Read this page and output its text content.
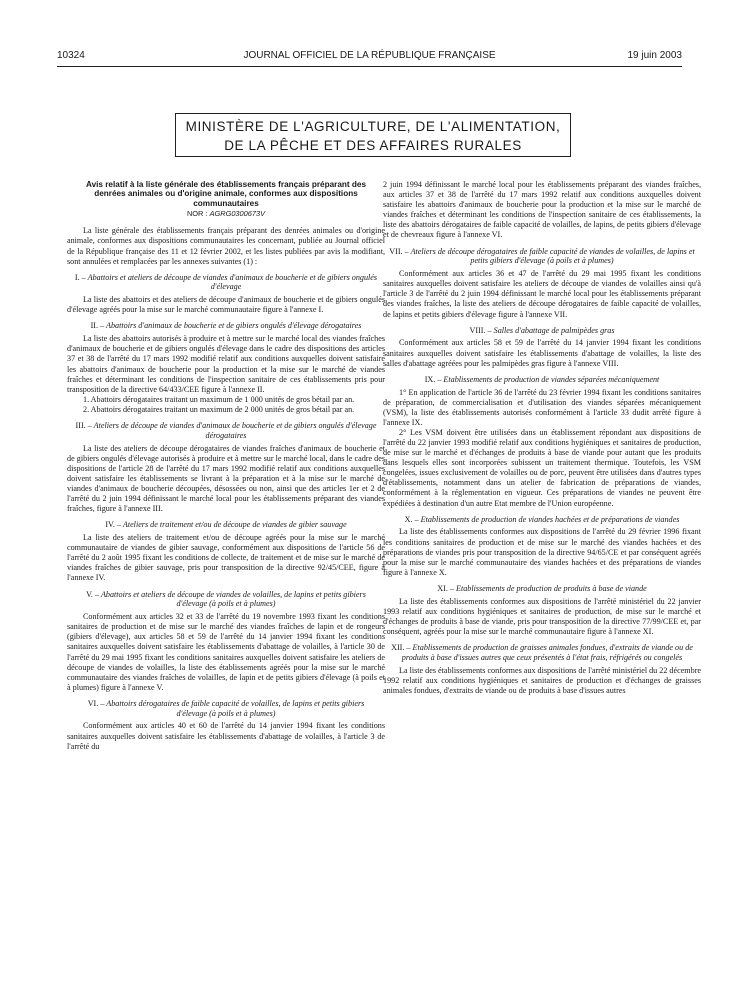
10324	JOURNAL OFFICIEL DE LA RÉPUBLIQUE FRANÇAISE	19 juin 2003
MINISTÈRE DE L'AGRICULTURE, DE L'ALIMENTATION,
DE LA PÊCHE ET DES AFFAIRES RURALES
Avis relatif à la liste générale des établissements français préparant des denrées animales ou d'origine animale, conformes aux dispositions communautaires
NOR : AGRG0300673V

La liste générale des établissements français préparant des denrées animales ou d'origine animale, conformes aux dispositions communautaires les concernant, publiée au Journal officiel de la République française des 11 et 12 février 2002, et les listes publiées par avis la modifiant, sont annulées et remplacées par les annexes suivantes (1) :

I. – Abattoirs et ateliers de découpe de viandes d'animaux de boucherie et de gibiers ongulés d'élevage

La liste des abattoirs et des ateliers de découpe d'animaux de boucherie et de gibiers ongulés d'élevage agréés pour la mise sur le marché communautaire figure à l'annexe I.

II. – Abattoirs d'animaux de boucherie et de gibiers ongulés d'élevage dérogataires

La liste des abattoirs autorisés à produire et à mettre sur le marché local des viandes fraîches d'animaux de boucherie et de gibiers ongulés d'élevage dans le cadre des dispositions des articles 37 et 38 de l'arrêté du 17 mars 1992 modifié relatif aux conditions auxquelles doivent satisfaire les abattoirs d'animaux de boucherie pour la production et la mise sur le marché de viandes fraîches et déterminant les conditions de l'inspection sanitaire de ces établissements pris pour transposition de la directive 64/433/CEE figure à l'annexe II.

1. Abattoirs dérogataires traitant un maximum de 1 000 unités de gros bétail par an.

2. Abattoirs dérogataires traitant un maximum de 2 000 unités de gros bétail par an.

III. – Ateliers de découpe de viandes d'animaux de boucherie et de gibiers ongulés d'élevage dérogataires

La liste des ateliers de découpe dérogataires de viandes fraîches d'animaux de boucherie et de gibiers ongulés d'élevage autorisés à produire et à mettre sur le marché local, dans le cadre des dispositions de l'article 28 de l'arrêté du 17 mars 1992 modifié relatif aux conditions auxquelles doivent satisfaire les établissements se livrant à la préparation et à la mise sur le marché de viandes d'animaux de boucherie découpées, désossées ou non, ainsi que des articles 1er et 2 de l'arrêté du 2 juin 1994 définissant le marché local pour les établissements préparant des viandes fraîches, figure à l'annexe III.

IV. – Ateliers de traitement et/ou de découpe de viandes de gibier sauvage

La liste des ateliers de traitement et/ou de découpe agréés pour la mise sur le marché communautaire de viandes de gibier sauvage, conformément aux dispositions de l'article 56 de l'arrêté du 2 août 1995 fixant les conditions de collecte, de traitement et de mise sur le marché de viandes fraîches de gibier sauvage, pris pour transposition de la directive 92/45/CEE, figure à l'annexe IV.

V. – Abattoirs et ateliers de découpe de viandes de volailles, de lapins et petits gibiers d'élevage (à poils et à plumes)

Conformément aux articles 32 et 33 de l'arrêté du 19 novembre 1993 fixant les conditions sanitaires de production et de mise sur le marché des viandes fraîches de lapin et de rongeurs (gibiers d'élevage), aux articles 58 et 59 de l'arrêté du 14 janvier 1994 fixant les conditions sanitaires auxquelles doivent satisfaire les établissements d'abattage de volailles, à l'article 30 de l'arrêté du 29 mai 1995 fixant les conditions sanitaires auxquelles doivent satisfaire les ateliers de découpe de viandes de volailles, la liste des établissements agréés pour la mise sur le marché communautaire des viandes fraîches de volailles, de lapin et de petits gibiers d'élevage (à poils et à plumes) figure à l'annexe V.

VI. – Abattoirs dérogataires de faible capacité de volailles, de lapins et petits gibiers d'élevage (à poils et à plumes)

Conformément aux articles 40 et 60 de l'arrêté du 14 janvier 1994 fixant les conditions sanitaires auxquelles doivent satisfaire les établissements d'abattage de volailles, à l'article 3 de l'arrêté du

2 juin 1994 définissant le marché local pour les établissements préparant des viandes fraîches, aux articles 37 et 38 de l'arrêté du 17 mars 1992 relatif aux conditions auxquelles doivent satisfaire les abattoirs d'animaux de boucherie pour la production et la mise sur le marché de viandes fraîches et déterminant les conditions de l'inspection sanitaire de ces établissements, la liste des abattoirs dérogataires de faible capacité de volailles, de lapins, de petits gibiers d'élevage et de chevreaux figure à l'annexe VI.

VII. – Ateliers de découpe dérogataires de faible capacité de viandes de volailles, de lapins et petits gibiers d'élevage (à poils et à plumes)

Conformément aux articles 36 et 47 de l'arrêté du 29 mai 1995 fixant les conditions sanitaires auxquelles doivent satisfaire les ateliers de découpe de viandes de volailles ainsi qu'à l'article 3 de l'arrêté du 2 juin 1994 définissant le marché local pour les établissements préparant des viandes fraîches, la liste des ateliers de découpe dérogataires de faible capacité de volailles, de lapins et petits gibiers d'élevage figure à l'annexe VII.

VIII. – Salles d'abattage de palmipèdes gras

Conformément aux articles 58 et 59 de l'arrêté du 14 janvier 1994 fixant les conditions sanitaires auxquelles doivent satisfaire les établissements d'abattage de volailles, la liste des salles d'abattage agréées pour les palmipèdes gras figure à l'annexe VIII.

IX. – Etablissements de production de viandes séparées mécaniquement

1° En application de l'article 36 de l'arrêté du 23 février 1994 fixant les conditions sanitaires de préparation, de commercialisation et d'utilisation des viandes séparées mécaniquement (VSM), la liste des établissements autorisés conformément à l'article 33 dudit arrêté figure à l'annexe IX.

2° Les VSM doivent être utilisées dans un établissement répondant aux dispositions de l'arrêté du 22 janvier 1993 modifié relatif aux conditions hygiéniques et sanitaires de production, de mise sur le marché et d'échanges de produits à base de viande pour autant que les produits dans lesquels elles sont incorporées subissent un traitement thermique. Toutefois, les VSM congelées, issues exclusivement de volailles ou de porc, peuvent être utilisées dans d'autres types d'établissements, notamment dans un atelier de fabrication de préparations de viandes, conformément à la réglementation en vigueur. Ces préparations de viandes ne peuvent être expédiées à destination d'un autre Etat membre de l'Union européenne.

X. – Etablissements de production de viandes hachées et de préparations de viandes

La liste des établissements conformes aux dispositions de l'arrêté du 29 février 1996 fixant les conditions sanitaires de production et de mise sur le marché des viandes hachées et des préparations de viandes pris pour transposition de la directive 94/65/CE et par conséquent agréés pour la mise sur le marché communautaire des viandes hachées et des préparations de viandes figure à l'annexe X.

XI. – Etablissements de production de produits à base de viande

La liste des établissements conformes aux dispositions de l'arrêté ministériel du 22 janvier 1993 relatif aux conditions hygiéniques et sanitaires de production, de mise sur le marché et d'échanges de produits à base de viande, pris pour transposition de la directive 77/99/CEE et, par conséquent, agréés pour la mise sur le marché communautaire figure à l'annexe XI.

XII. – Etablissements de production de graisses animales fondues, d'extraits de viande ou de produits à base d'issues autres que ceux présentés à l'état frais, réfrigérés ou congelés

La liste des établissements conformes aux dispositions de l'arrêté ministériel du 22 décembre 1992 relatif aux conditions hygiéniques et sanitaires de production et d'échanges de graisses animales fondues, d'extraits de viande ou de produits à base d'issues autres
